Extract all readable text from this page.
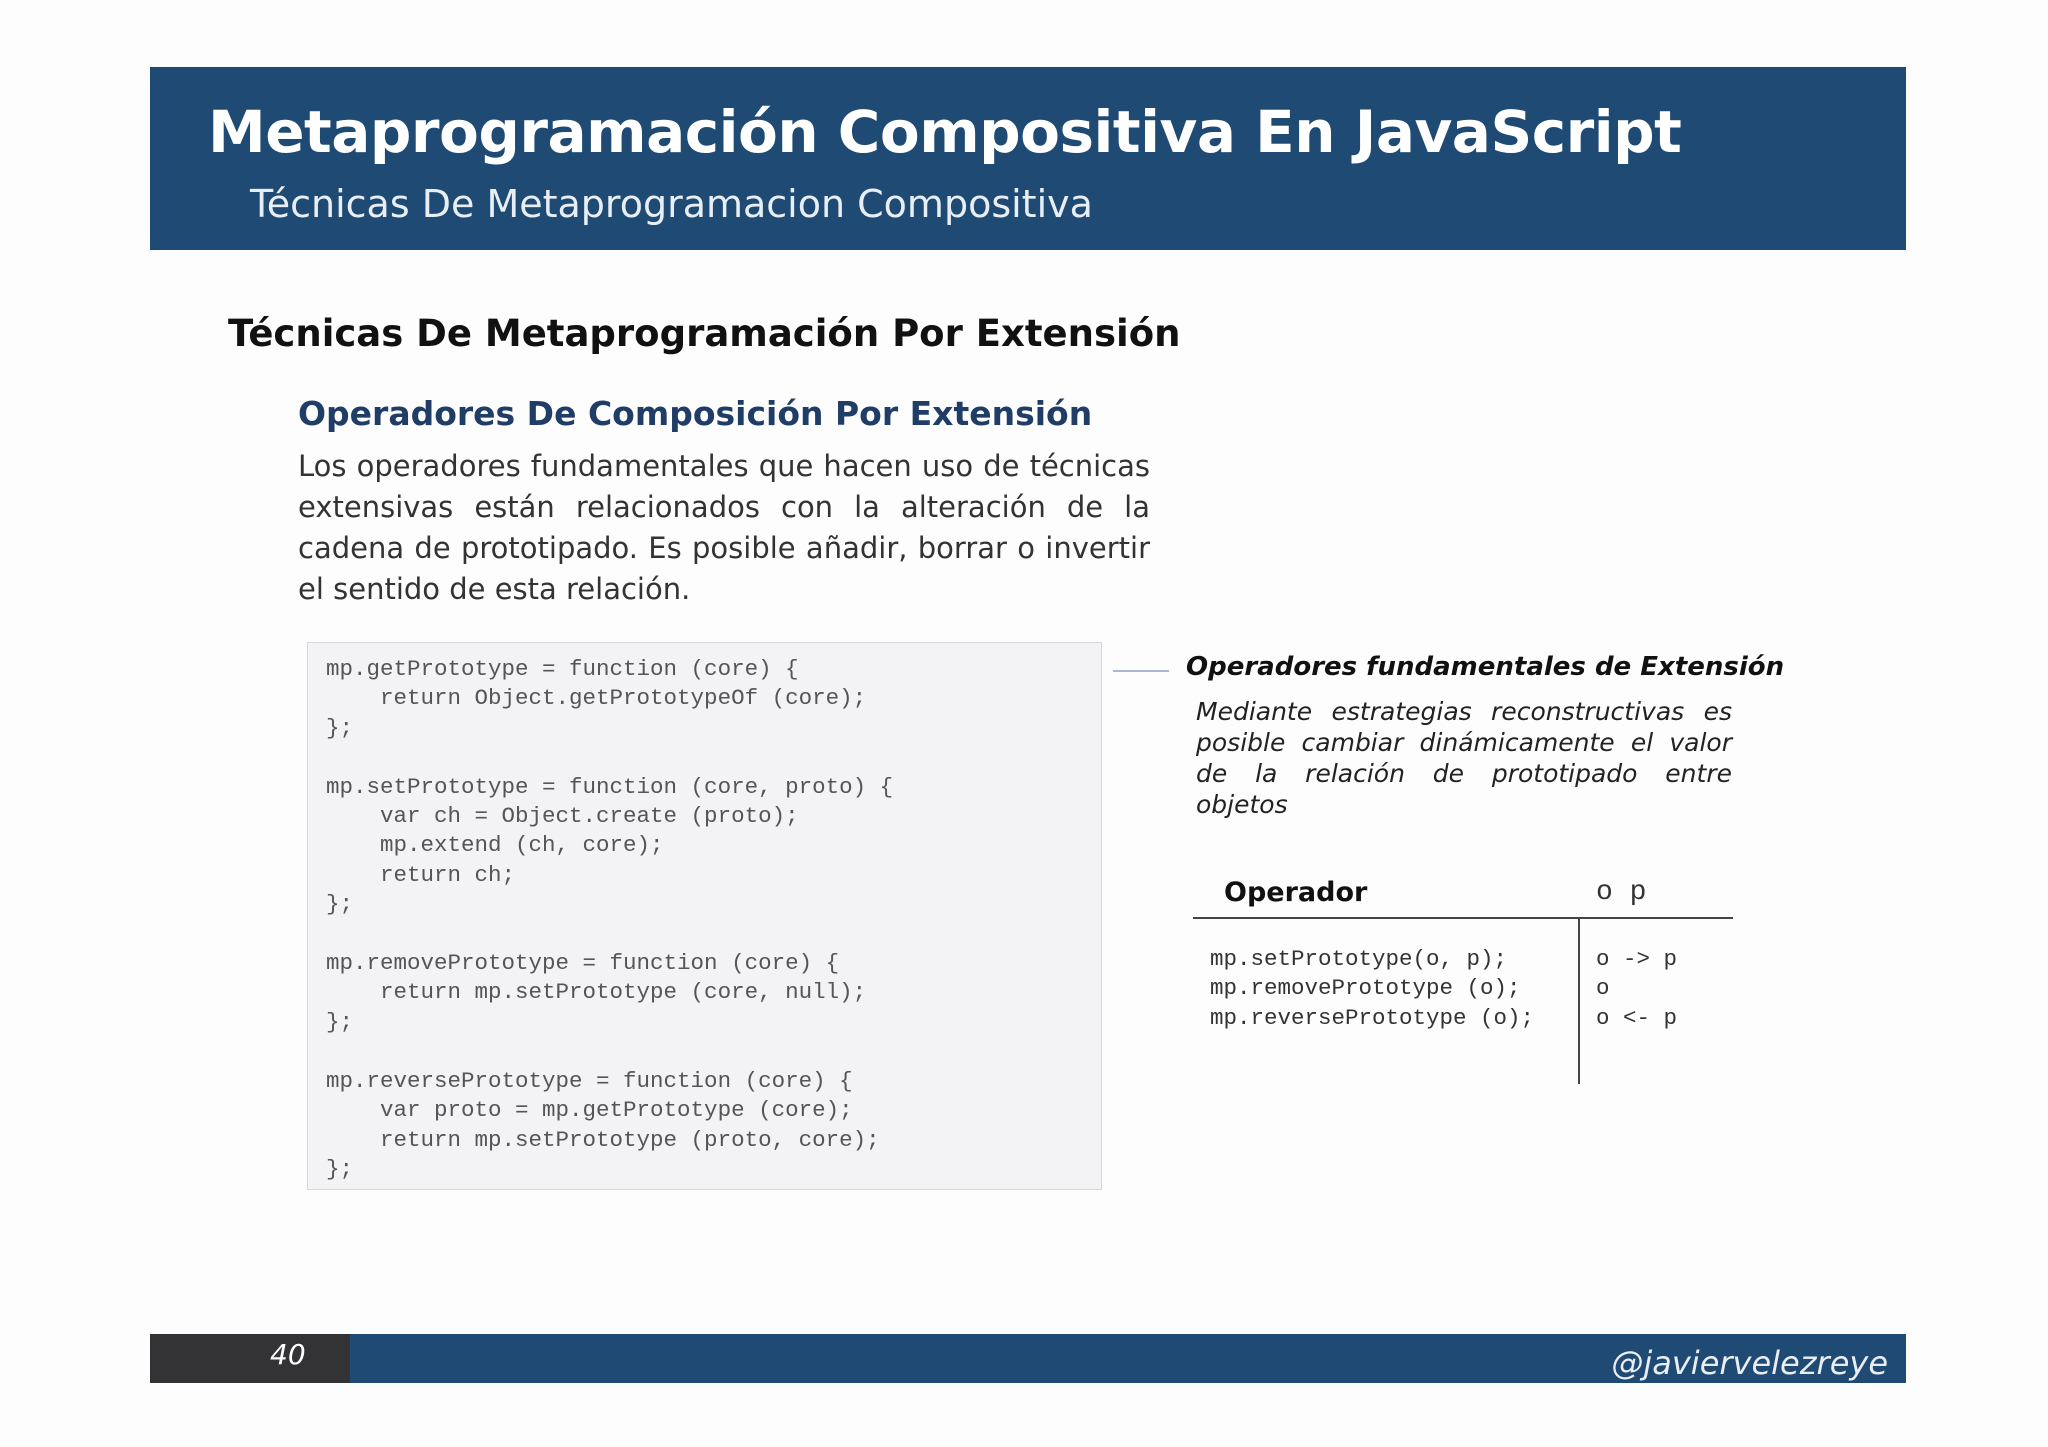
Metaprogramación Compositiva En JavaScript
Técnicas De Metaprogramacion Compositiva
Técnicas De Metaprogramación Por Extensión
Operadores De Composición Por Extensión
Los operadores fundamentales que hacen uso de técnicas extensivas están relacionados con la alteración de la cadena de prototipado. Es posible añadir, borrar o invertir el sentido de esta relación.
mp.getPrototype = function (core) {
return Object.getPrototypeOf (core);
};

mp.setPrototype = function (core, proto) {
var ch = Object.create (proto);
mp.extend (ch, core);
return ch;
};

mp.removePrototype = function (core) {
return mp.setPrototype (core, null);
};

mp.reversePrototype = function (core) {
var proto = mp.getPrototype (core);
return mp.setPrototype (proto, core);
};
Operadores fundamentales de Extensión
Mediante estrategias reconstructivas es posible cambiar dinámicamente el valor de la relación de prototipado entre objetos
Operador	o p
mp.setPrototype(o, p);
mp.removePrototype (o);
mp.reversePrototype (o);
o -> p
o
o <- p
40	@javiervelezreye
